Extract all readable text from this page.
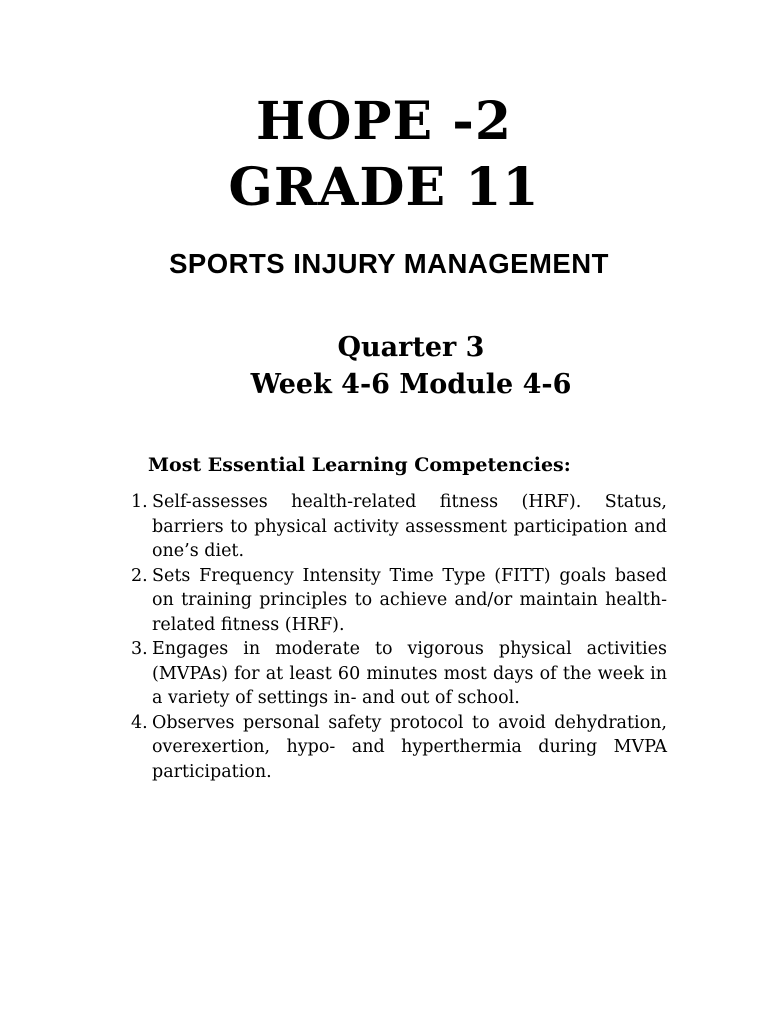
HOPE -2
GRADE 11
SPORTS INJURY MANAGEMENT
Quarter 3
Week 4-6 Module 4-6
Most Essential Learning Competencies:
1. Self-assesses health-related fitness (HRF). Status, barriers to physical activity assessment participation and one’s diet.
2. Sets Frequency Intensity Time Type (FITT) goals based on training principles to achieve and/or maintain health-related fitness (HRF).
3. Engages in moderate to vigorous physical activities (MVPAs) for at least 60 minutes most days of the week in a variety of settings in- and out of school.
4. Observes personal safety protocol to avoid dehydration, overexertion, hypo- and hyperthermia during MVPA participation.
